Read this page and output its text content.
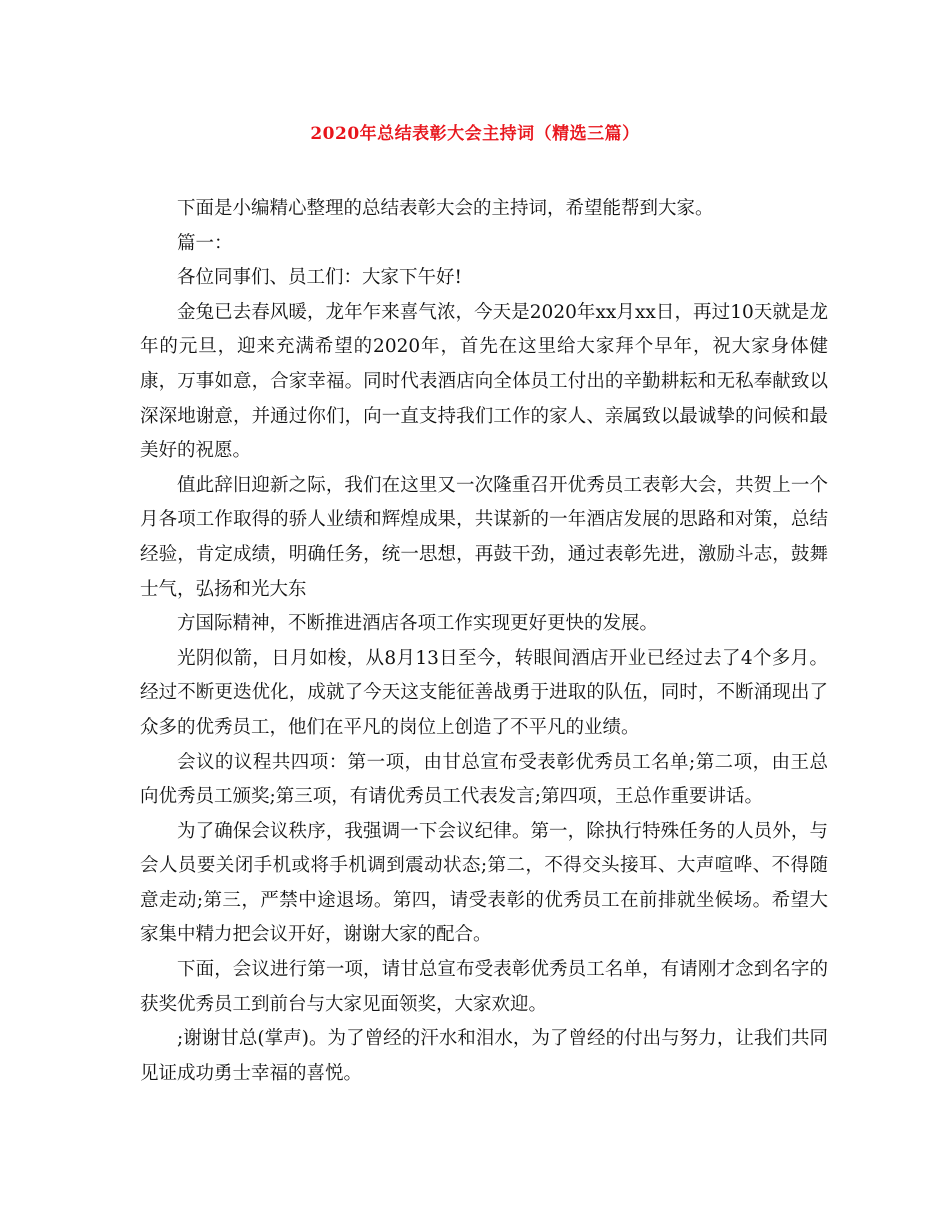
2020年总结表彰大会主持词（精选三篇）

下面是小编精心整理的总结表彰大会的主持词，希望能帮到大家。

篇一：

各位同事们、员工们：大家下午好!

金兔已去春风暖，龙年乍来喜气浓，今天是2020年xx月xx日，再过10天就是龙年的元旦，迎来充满希望的2020年，首先在这里给大家拜个早年，祝大家身体健康，万事如意，合家幸福。同时代表酒店向全体员工付出的辛勤耕耘和无私奉献致以深深地谢意，并通过你们，向一直支持我们工作的家人、亲属致以最诚挚的问候和最美好的祝愿。

值此辞旧迎新之际，我们在这里又一次隆重召开优秀员工表彰大会，共贺上一个月各项工作取得的骄人业绩和辉煌成果，共谋新的一年酒店发展的思路和对策，总结经验，肯定成绩，明确任务，统一思想，再鼓干劲，通过表彰先进，激励斗志，鼓舞士气，弘扬和光大东

方国际精神，不断推进酒店各项工作实现更好更快的发展。

光阴似箭，日月如梭，从8月13日至今，转眼间酒店开业已经过去了4个多月。经过不断更迭优化，成就了今天这支能征善战勇于进取的队伍，同时，不断涌现出了众多的优秀员工，他们在平凡的岗位上创造了不平凡的业绩。

会议的议程共四项：第一项，由甘总宣布受表彰优秀员工名单;第二项，由王总向优秀员工颁奖;第三项，有请优秀员工代表发言;第四项，王总作重要讲话。

为了确保会议秩序，我强调一下会议纪律。第一，除执行特殊任务的人员外，与会人员要关闭手机或将手机调到震动状态;第二，不得交头接耳、大声喧哗、不得随意走动;第三，严禁中途退场。第四，请受表彰的优秀员工在前排就坐候场。希望大家集中精力把会议开好，谢谢大家的配合。

下面，会议进行第一项，请甘总宣布受表彰优秀员工名单，有请刚才念到名字的获奖优秀员工到前台与大家见面领奖，大家欢迎。

;谢谢甘总(掌声)。为了曾经的汗水和泪水，为了曾经的付出与努力，让我们共同见证成功勇士幸福的喜悦。
